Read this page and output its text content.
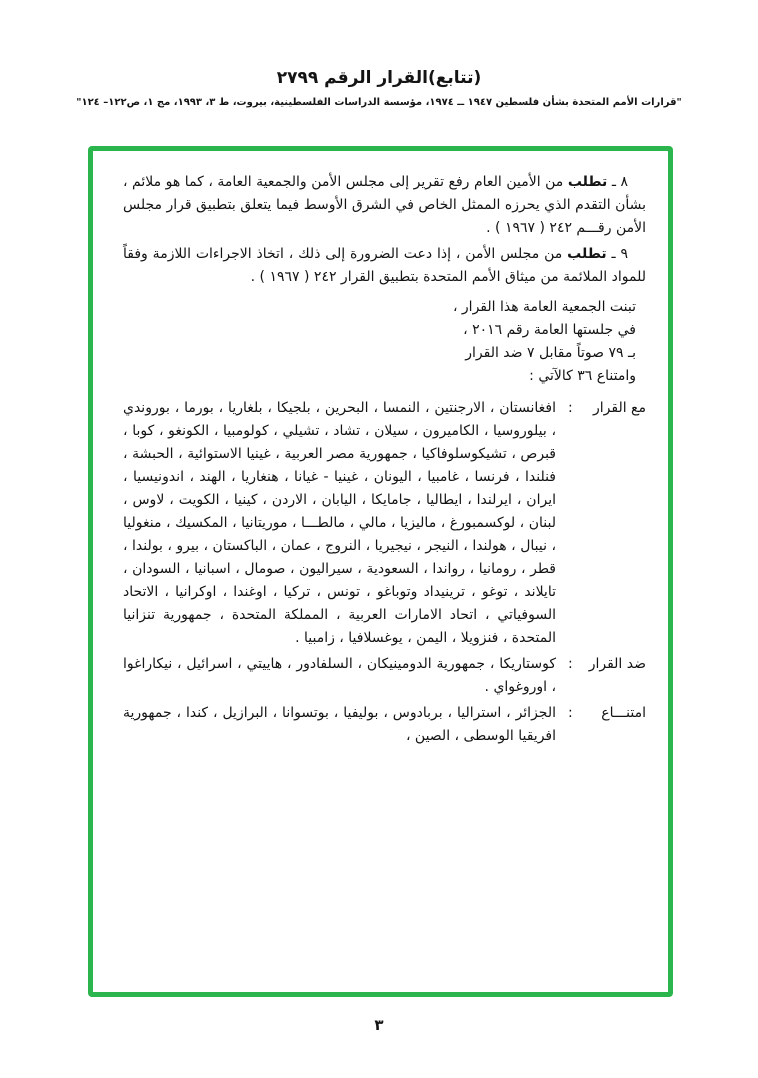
(تتابع)القرار الرقم ٢٧٩٩
"قرارات الأمم المتحدة بشأن فلسطين ١٩٤٧ ــ ١٩٧٤، مؤسسة الدراسات الفلسطينية، بيروت، ط ٣، ١٩٩٣، مج ١، ص١٢٢– ١٢٤"

٨ ـ تطلب من الأمين العام رفع تقرير إلى مجلس الأمن والجمعية العامة ، كما هو ملائم ، بشأن التقدم الذي يحرزه الممثل الخاص في الشرق الأوسط فيما يتعلق بتطبيق قرار مجلس الأمن رقـــم ٢٤٢ ( ١٩٦٧ ) .

٩ ـ تطلب من مجلس الأمن ، إذا دعت الضرورة إلى ذلك ، اتخاذ الاجراءات اللازمة وفقاً للمواد الملائمة من ميثاق الأمم المتحدة بتطبيق القرار ٢٤٢ ( ١٩٦٧ ) .

تبنت الجمعية العامة هذا القرار ،
في جلستها العامة رقم ٢٠١٦ ،
بـ ٧٩ صوتاً مقابل ٧ ضد القرار
وامتناع ٣٦ كالآتي :
مع القرار
:
افغانستان ، الارجنتين ، النمسا ، البحرين ، بلجيكا ، بلغاريا ، بورما ، بوروندي ، بيلوروسيا ، الكاميرون ، سيلان ، تشاد ، تشيلي ، كولومبيا ، الكونغو ، كوبا ، قبرص ، تشيكوسلوفاكيا ، جمهورية مصر العربية ، غينيا الاستوائية ، الحبشة ، فنلندا ، فرنسا ، غامبيا ، اليونان ، غينيا - غيانا ، هنغاريا ، الهند ، اندونيسيا ، ايران ، ايرلندا ، ايطاليا ، جامايكا ، اليابان ، الاردن ، كينيا ، الكويت ، لاوس ، لبنان ، لوكسمبورغ ، ماليزيا ، مالي ، مالطـــا ، موريتانيا ، المكسيك ، منغوليا ، نيبال ، هولندا ، النيجر ، نيجيريا ، النروج ، عمان ، الباكستان ، بيرو ، بولندا ، قطر ، رومانيا ، رواندا ، السعودية ، سيراليون ، صومال ، اسبانيا ، السودان ، تايلاند ، توغو ، ترينيداد وتوباغو ، تونس ، تركيا ، اوغندا ، اوكرانيا ، الاتحاد السوفياتي ، اتحاد الامارات العربية ، المملكة المتحدة ، جمهورية تنزانيا المتحدة ، فنزويلا ، اليمن ، يوغسلافيا ، زامبيا .
ضد القرار
:
كوستاريكا ، جمهورية الدومينيكان ، السلفادور ، هاييتي ، اسرائيل ، نيكاراغوا ، اوروغواي .
امتنـــاع
:
الجزائر ، استراليا ، بربادوس ، بوليفيا ، بوتسوانا ، البرازيل ، كندا ، جمهورية افريقيا الوسطى ، الصين ،
٣
